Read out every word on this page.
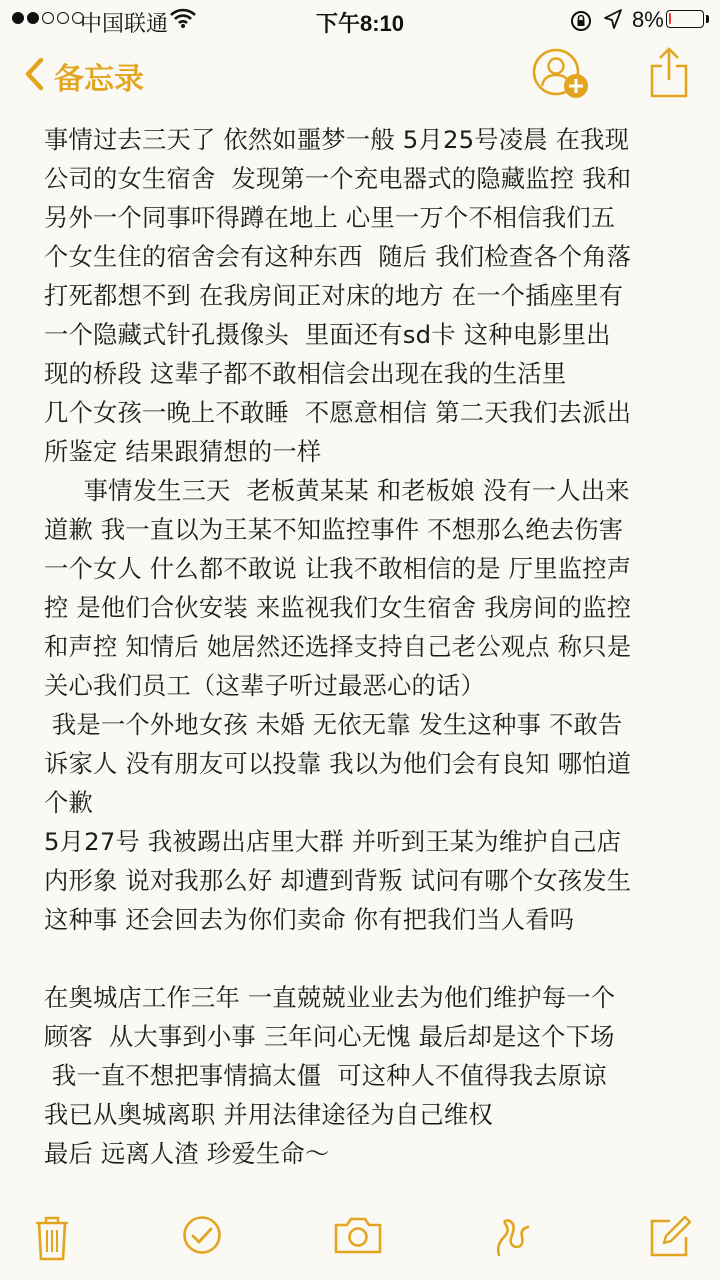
中国联通	下午8:10	8%
备忘录
事情过去三天了 依然如噩梦一般 5月25号凌晨 在我现
公司的女生宿舍  发现第一个充电器式的隐藏监控 我和
另外一个同事吓得蹲在地上 心里一万个不相信我们五
个女生住的宿舍会有这种东西  随后 我们检查各个角落
打死都想不到 在我房间正对床的地方 在一个插座里有
一个隐藏式针孔摄像头  里面还有sd卡 这种电影里出
现的桥段 这辈子都不敢相信会出现在我的生活里
几个女孩一晚上不敢睡  不愿意相信 第二天我们去派出
所鉴定 结果跟猜想的一样
事情发生三天  老板黄某某 和老板娘 没有一人出来
道歉 我一直以为王某不知监控事件 不想那么绝去伤害
一个女人 什么都不敢说 让我不敢相信的是 厅里监控声
控 是他们合伙安装 来监视我们女生宿舍 我房间的监控
和声控 知情后 她居然还选择支持自己老公观点 称只是
关心我们员工（这辈子听过最恶心的话）
我是一个外地女孩 未婚 无依无靠 发生这种事 不敢告
诉家人 没有朋友可以投靠 我以为他们会有良知 哪怕道
个歉
5月27号 我被踢出店里大群 并听到王某为维护自己店
内形象 说对我那么好 却遭到背叛 试问有哪个女孩发生
这种事 还会回去为你们卖命 你有把我们当人看吗
在奥城店工作三年 一直兢兢业业去为他们维护每一个
顾客  从大事到小事 三年问心无愧 最后却是这个下场
我一直不想把事情搞太僵  可这种人不值得我去原谅
我已从奥城离职 并用法律途径为自己维权
最后 远离人渣 珍爱生命～
